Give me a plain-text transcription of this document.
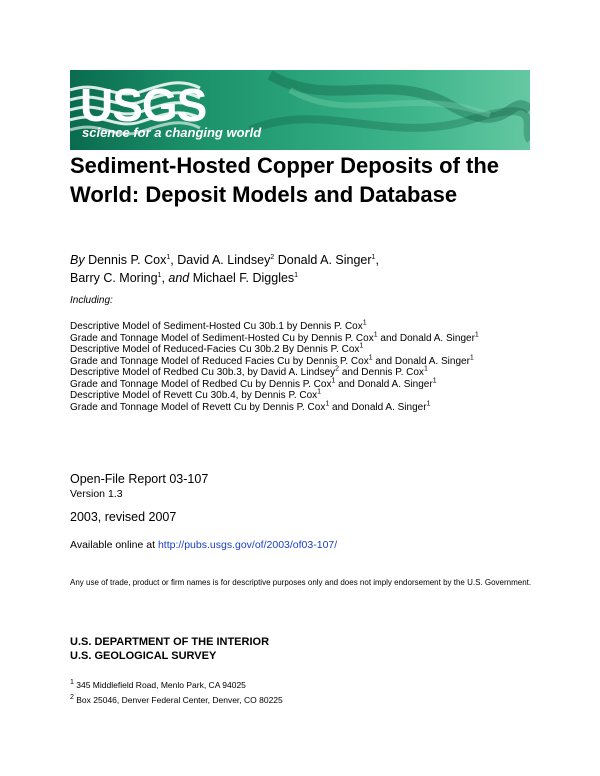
USGS
science for a changing world
Sediment-Hosted Copper Deposits of the World: Deposit Models and Database
By Dennis P. Cox$^1$, David A. Lindsey$^2$ Donald A. Singer$^1$,
Barry C. Moring$^1$, and Michael F. Diggles$^1$
Including:
Descriptive Model of Sediment-Hosted Cu 30b.1 by Dennis P. Cox$^1$
Grade and Tonnage Model of Sediment-Hosted Cu by Dennis P. Cox$^1$ and Donald A. Singer$^1$
Descriptive Model of Reduced-Facies Cu 30b.2 By Dennis P. Cox$^1$
Grade and Tonnage Model of Reduced Facies Cu by Dennis P. Cox$^1$ and Donald A. Singer$^1$
Descriptive Model of Redbed Cu 30b.3, by David A. Lindsey$^2$ and Dennis P. Cox$^1$
Grade and Tonnage Model of Redbed Cu by Dennis P. Cox$^1$ and Donald A. Singer$^1$
Descriptive Model of Revett Cu 30b.4, by Dennis P. Cox$^1$
Grade and Tonnage Model of Revett Cu by Dennis P. Cox$^1$ and Donald A. Singer$^1$
Open-File Report 03-107
Version 1.3
2003, revised 2007
Available online at http://pubs.usgs.gov/of/2003/of03-107/
Any use of trade, product or firm names is for descriptive purposes only and does not imply endorsement by the U.S. Government.
U.S. DEPARTMENT OF THE INTERIOR
U.S. GEOLOGICAL SURVEY
$^1$ 345 Middlefield Road, Menlo Park, CA 94025
$^2$ Box 25046, Denver Federal Center, Denver, CO 80225
